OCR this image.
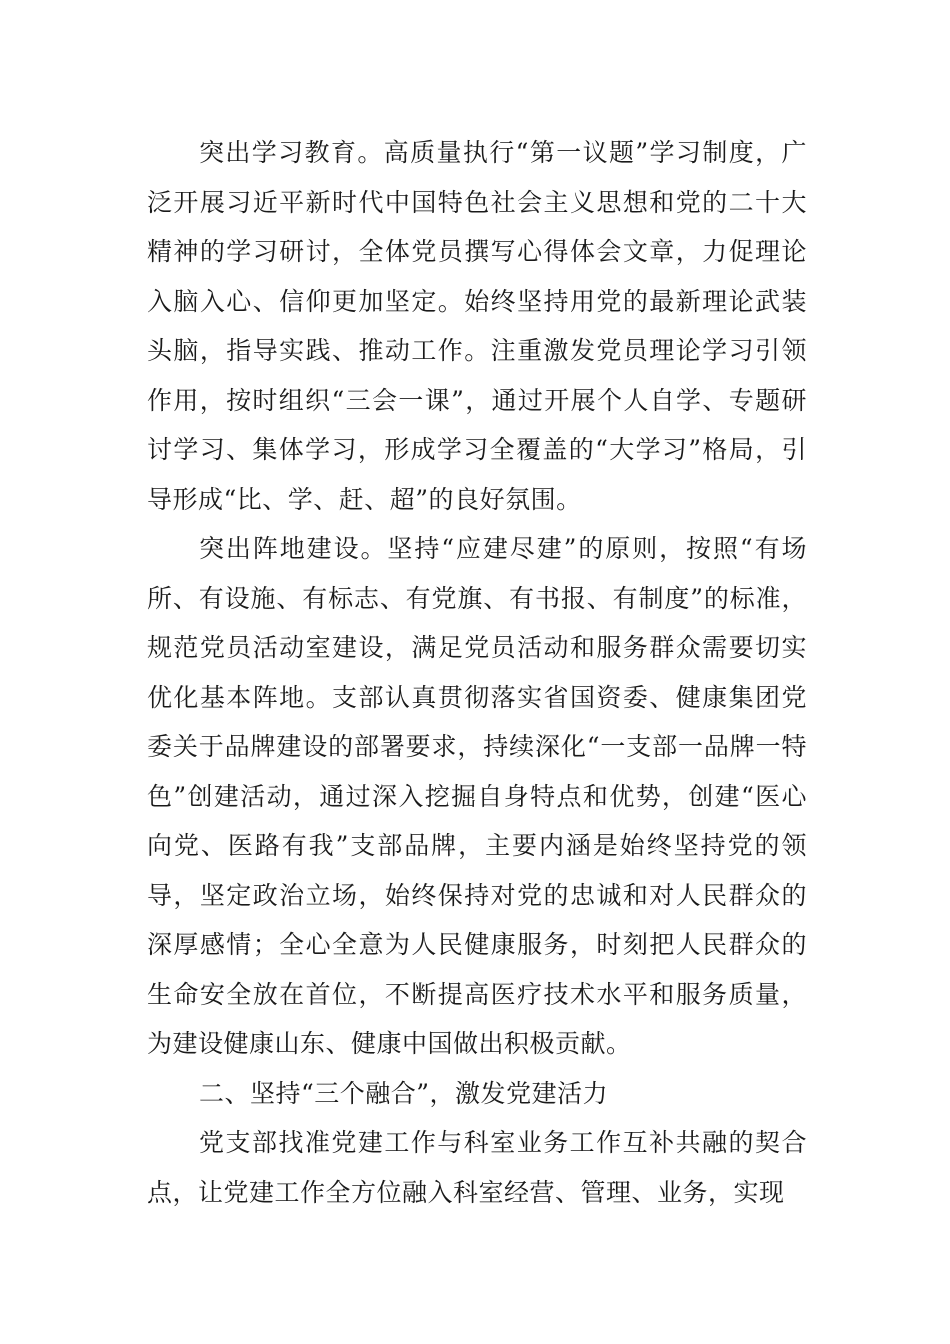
突出学习教育。高质量执行“第一议题”学习制度，广泛开展习近平新时代中国特色社会主义思想和党的二十大精神的学习研讨，全体党员撰写心得体会文章，力促理论入脑入心、信仰更加坚定。始终坚持用党的最新理论武装头脑，指导实践、推动工作。注重激发党员理论学习引领作用，按时组织“三会一课”，通过开展个人自学、专题研讨学习、集体学习，形成学习全覆盖的“大学习”格局，引导形成“比、学、赶、超”的良好氛围。

突出阵地建设。坚持“应建尽建”的原则，按照“有场所、有设施、有标志、有党旗、有书报、有制度”的标准，规范党员活动室建设，满足党员活动和服务群众需要切实优化基本阵地。支部认真贯彻落实省国资委、健康集团党委关于品牌建设的部署要求，持续深化“一支部一品牌一特色”创建活动，通过深入挖掘自身特点和优势，创建“医心向党、医路有我”支部品牌，主要内涵是始终坚持党的领导，坚定政治立场，始终保持对党的忠诚和对人民群众的深厚感情；全心全意为人民健康服务，时刻把人民群众的生命安全放在首位，不断提高医疗技术水平和服务质量，为建设健康山东、健康中国做出积极贡献。

二、坚持“三个融合”，激发党建活力

党支部找准党建工作与科室业务工作互补共融的契合点，让党建工作全方位融入科室经营、管理、业务，实现
